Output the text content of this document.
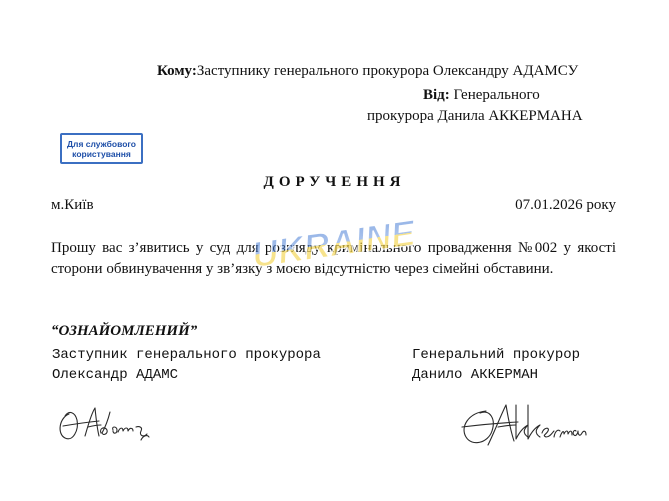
Кому:Заступнику генерального прокурора Олександру АДАМСУ
Від: Генерального
прокурора Данила АККЕРМАНА
Для службового
користування
ДОРУЧЕННЯ
м.Київ	07.01.2026 року
Прошу вас з’явитись у суд для розгляду кримінального провадження №002 у якості сторони обвинувачення у зв’язку з моєю відсутністю через сімейні обставини.
“ОЗНАЙОМЛЕНИЙ”
Заступник генерального прокурора
Олександр АДАМС
Генеральний прокурор
Данило АККЕРМАН
UKRAINE
